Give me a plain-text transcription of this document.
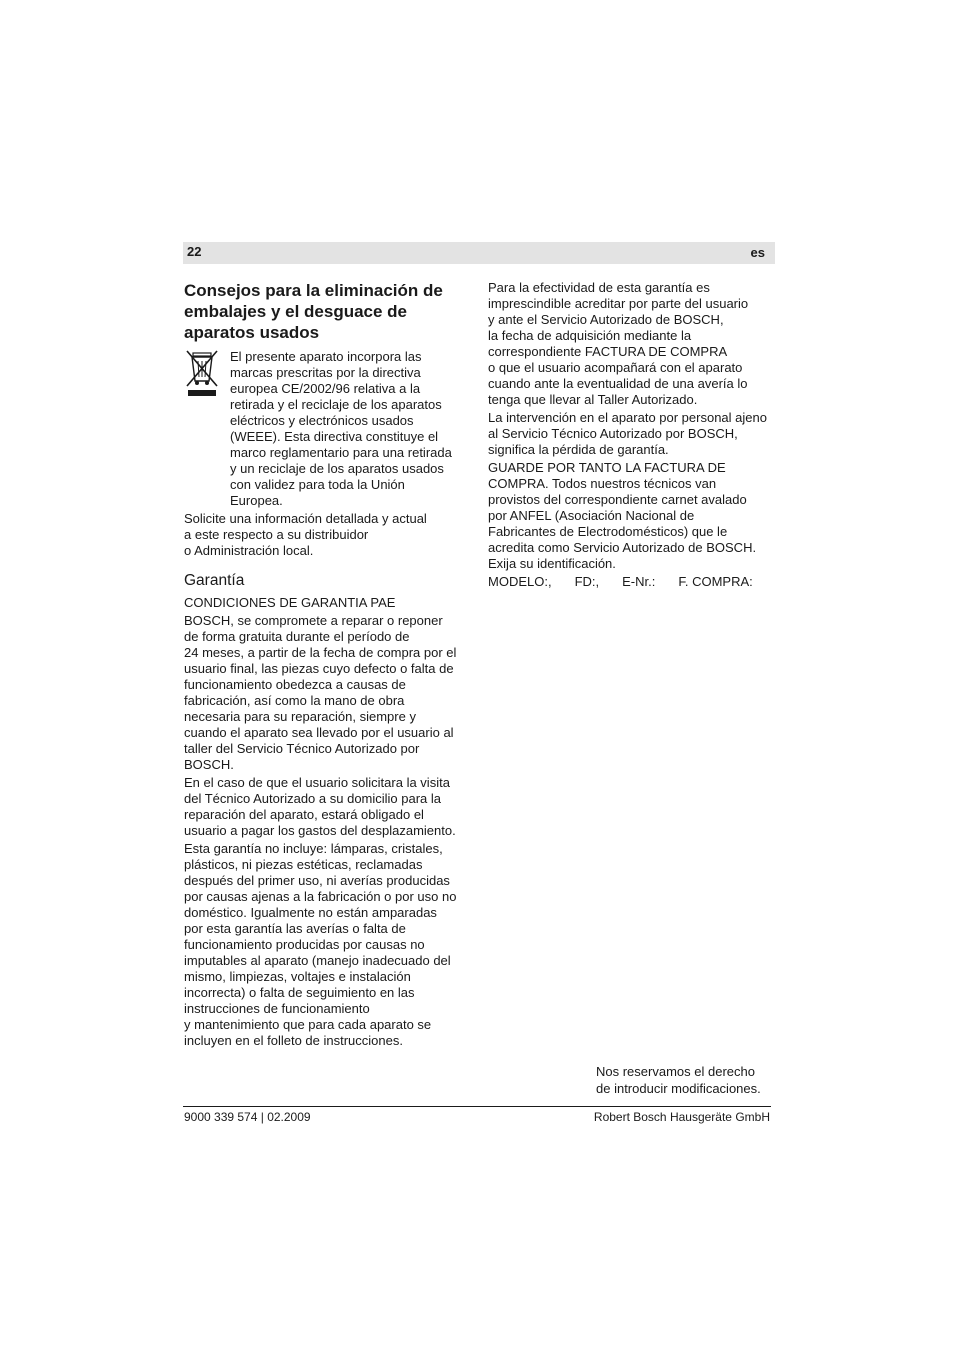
22	es
Consejos para la eliminación de embalajes y el desguace de aparatos usados

El presente aparato incorpora las
marcas prescritas por la directiva
europea CE/2002/96 relativa a la
retirada y el reciclaje de los aparatos
eléctricos y electrónicos usados
(WEEE). Esta directiva constituye el
marco reglamentario para una retirada
y un reciclaje de los aparatos usados
con validez para toda la Unión
Europea.

Solicite una información detallada y actual
a este respecto a su distribuidor
o Administración local.

Garantía

CONDICIONES DE GARANTIA PAE

BOSCH, se compromete a reparar o reponer
de forma gratuita durante el período de
24 meses, a partir de la fecha de compra por el
usuario final, las piezas cuyo defecto o falta de
funcionamiento obedezca a causas de
fabricación, así como la mano de obra
necesaria para su reparación, siempre y
cuando el aparato sea llevado por el usuario al
taller del Servicio Técnico Autorizado por
BOSCH.

En el caso de que el usuario solicitara la visita
del Técnico Autorizado a su domicilio para la
reparación del aparato, estará obligado el
usuario a pagar los gastos del desplazamiento.

Esta garantía no incluye: lámparas, cristales,
plásticos, ni piezas estéticas, reclamadas
después del primer uso, ni averías producidas
por causas ajenas a la fabricación o por uso no
doméstico. Igualmente no están amparadas
por esta garantía las averías o falta de
funcionamiento producidas por causas no
imputables al aparato (manejo inadecuado del
mismo, limpiezas, voltajes e instalación
incorrecta) o falta de seguimiento en las
instrucciones de funcionamiento
y mantenimiento que para cada aparato se
incluyen en el folleto de instrucciones.

Para la efectividad de esta garantía es
imprescindible acreditar por parte del usuario
y ante el Servicio Autorizado de BOSCH,
la fecha de adquisición mediante la
correspondiente FACTURA DE COMPRA
o que el usuario acompañará con el aparato
cuando ante la eventualidad de una avería lo
tenga que llevar al Taller Autorizado.

La intervención en el aparato por personal ajeno
al Servicio Técnico Autorizado por BOSCH,
significa la pérdida de garantía.

GUARDE POR TANTO LA FACTURA DE
COMPRA. Todos nuestros técnicos van
provistos del correspondiente carnet avalado
por ANFEL (Asociación Nacional de
Fabricantes de Electrodomésticos) que le
acredita como Servicio Autorizado de BOSCH.
Exija su identificación.

MODELO:, FD:, E-Nr.: F. COMPRA:
Nos reservamos el derecho
de introducir modificaciones.
9000 339 574 | 02.2009	Robert Bosch Hausgeräte GmbH
